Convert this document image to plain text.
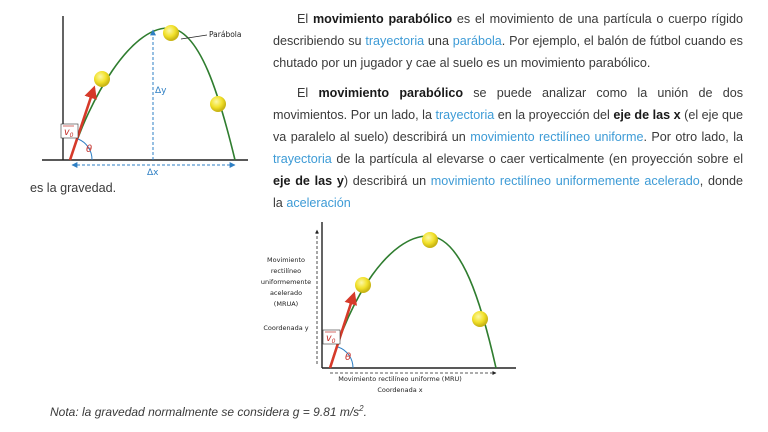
Δy
Δx
θ
$v_0$
Parábola
El movimiento parabólico es el movimiento de una partícula o cuerpo rígido describiendo su trayectoria una parábola. Por ejemplo, el balón de fútbol cuando es chutado por un jugador y cae al suelo es un movimiento parabólico.
El movimiento parabólico se puede analizar como la unión de dos movimientos. Por un lado, la trayectoria en la proyección del eje de las x (el eje que va paralelo al suelo) describirá un movimiento rectilíneo uniforme. Por otro lado, la trayectoria de la partícula al elevarse o caer verticalmente (en proyección sobre el eje de las y) describirá un movimiento rectilíneo uniformemente acelerado, donde la aceleración
es la gravedad.
θ
$v_0$
Movimiento
rectilíneo
uniformemente
acelerado
(MRUA)
Coordenada y
Movimiento rectilíneo uniforme (MRU)
Coordenada x
Nota: la gravedad normalmente se considera g = 9.81 $m/s^2$.
